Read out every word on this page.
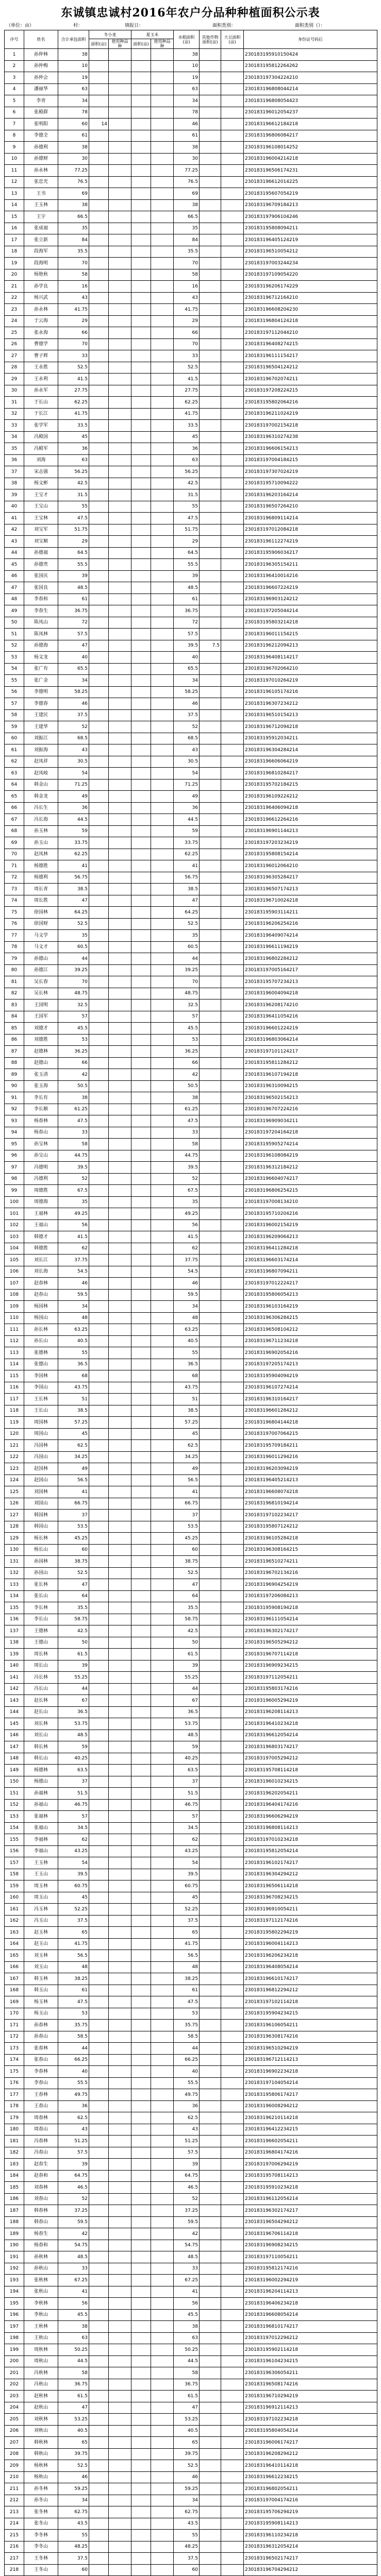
东诚镇忠诚村2016年农户分品种种植面积公示表
（单位：亩）	村：	填报日：	面积类别：	面积类别（）：
序号	姓名	合计承包面积	冬小麦		夏玉米		水稻面积(亩)	其他作物面积(亩)	大豆面积(亩)	身份证号码后
			面积(亩)	使用种品种	面积(亩)	使用种品种				
1	孙仲林	38					38			230183195910150424
2	孙仲梅	10					10			230183195812264262
3	孙仲会	19					19			230183197304224210
4	潘丽华	63					63			230183196808044214
5	李青	34					34			230183196808054423
6	张殿群	78					78			230183196012054237
7	张明阳	60	14				46			230183196612184218
8	李德全	61					61			230183196806084217
9	孙德利	38					38			230183196108014252
10	孙德财	30					30			230183196004214218
11	孙永林	77.25					77.25			230183196506174231
12	张忠光	76.5					76.5			230183196612014225
13	王书	69					69			230183195607054219
14	王玉林	38					38			230183196709184213
15	王宇	66.5					66.5			230183197906104246
16	张成福	35					35			230183195808094211
17	张立新	84					84			230183196405124219
18	段海军	35.5					35.5			230183196510054212
19	段海明	70					70			230183197003244234
20	杨艳秋	58					58			230183197109054220
21	孙学良	16					16			230183196206174229
22	杨兴武	43					43			230183196712164210
23	孙永林	41.75					41.75			230183196608204230
24	于云海	29					29			230183196804124218
25	张永海	66					66			230183197112044210
26	曹德学	70					70			230183196408274215
27	曹子辉	33					33			230183196111154217
28	王永胜	52.5					52.5			230183196504124212
29	王永利	41.5					41.5			230183196702074211
30	孙永军	27.75					27.75			230183197208224215
31	于长山	62.25					62.25			230183195802064216
32	于长江	41.75					41.75			230183196211024219
33	张学军	33.5					33.5			230183197002154218
34	冯殿国	45					45			230183196310274238
35	冯殿军	36					36			230183196606154213
36	刘海	63					63			230183197004184215
37	宋志强	56.25					56.25			230183197307024219
38	杨文彬	42.5					42.5			230183195710094222
39	王宝才	31.5					31.5			230183196203164214
40	王宝山	55					55			230183196507264210
41	王宝林	47.5					47.5			230183196809114214
42	刘宝军	51.75					51.75			230183197012084218
43	刘宝顺	29					29			230183196112274219
44	孙德福	64.5					64.5			230183195906034217
45	孙德贵	55.5					55.5			230183196305154211
46	张国庆	39					39			230183196410014216
47	张国良	48.5					48.5			230183196607224219
48	李春和	61					61			230183196903124212
49	李春生	36.75					36.75			230183197205044214
50	陈凤山	72					72			230183195803214218
51	陈凤林	57.5					57.5			230183196011154215
52	孙德海	47					39.5	7.5		230183196212094213
53	杨文龙	40					40			230183196408114217
54	张广有	65.5					65.5			230183196702064210
55	张广金	34					34			230183197010264219
56	李德明	58.25					58.25			230183196105174216
57	李德春	46					46			230183196307234212
58	王建民	37.5					37.5			230183196510154213
59	王建华	52					52			230183196712094218
60	刘振江	68.5					68.5			230183195912034211
61	刘振海	43					43			230183196304284214
62	赵凤祥	30.5					30.5			230183196606064219
63	赵凤岐	54					54			230183196810284217
64	韩金山	71.25					71.25			230183195702184215
65	韩金龙	49					49			230183196109224212
66	冯长生	36					36			230183196406094218
67	冯长海	44.5					44.5			230183196612264216
68	孙玉林	59					59			230183196901144213
69	孙玉山	33.75					33.75			230183197203234219
70	赵凤林	62.25					62.25			230183195808154214
71	杨德胜	41					41			230183196012064210
72	杨德利	56.75					56.75			230183196305284217
73	周长青	38.5					38.5			230183196507174213
74	周长胜	47					47			230183196710024218
75	徐国林	64.25					64.25			230183195903114211
76	徐国财	52.5					52.5			230183196206254216
77	马文学	35					35			230183196409074214
78	马文才	60.5					60.5			230183196611194219
79	孙德山	44					44			230183196802284212
80	孙德江	39.25					39.25			230183197005164217
81	吴长春	70					70			230183195707234213
82	吴长林	48.75					48.75			230183196004094218
83	王国明	32.5					32.5			230183196208174210
84	王国军	57					57			230183196411054216
85	刘德才	45.5					45.5			230183196601224219
86	刘德胜	53					53			230183196803064214
87	赵德林	36.25					36.25			230183197101124217
88	赵德山	66					66			230183195811284212
89	张玉清	42					42			230183196107194218
90	张玉海	50.5					50.5			230183196310094215
91	李长有	38					38			230183196502154213
92	李长顺	61.25					61.25			230183196707224216
93	杨春林	47.5					47.5			230183196909034211
94	杨春山	33					33			230183197204164218
95	孙宝林	58					58			230183195905274214
96	孙宝山	44.75					44.75			230183196108084219
97	冯德明	39.5					39.5			230183196312184212
98	冯德利	52					52			230183196604074217
99	周德胜	67.5					67.5			230183196806254215
100	周德海	35					35			230183197008134210
101	王福林	49.25					49.25			230183195710204216
102	王福山	56					56			230183196002154219
103	韩德才	41.5					41.5			230183196209064213
104	韩德胜	62					62			230183196411284218
105	刘长江	37.75					37.75			230183196603174214
106	刘长海	54.5					54.5			230183196807094211
107	赵春林	46					46			230183197012224217
108	赵春山	59.5					59.5			230183195806054213
109	杨国林	34					34			230183196103164219
110	杨国山	48					48			230183196306284215
111	孙长林	63.25					63.25			230183196508104212
112	孙长山	40.5					40.5			230183196711234218
113	张德林	55					55			230183196902054216
114	张德山	36.5					36.5			230183197205174213
115	李国林	68					68			230183195904094219
116	李国山	43.75					43.75			230183196107274214
117	王长林	51					51			230183196310164217
118	王长山	38.5					38.5			230183196601284212
119	周国林	57.25					57.25			230183196804144218
120	周国山	45					45			230183197007064215
121	冯国林	62.5					62.5			230183195709184211
122	冯国山	34.25					34.25			230183196011294216
123	赵国林	49					49			230183196203094219
124	赵国山	56.5					56.5			230183196405214213
125	刘国林	41					41			230183196608074218
126	刘国山	66.75					66.75			230183196810194214
127	韩国林	37					37			230183197102234217
128	韩国山	53.5					53.5			230183195807124212
129	杨长林	45.25					45.25			230183196105284218
130	杨长山	60					60			230183196308164215
131	孙国林	38.75					38.75			230183196510274211
132	孙国山	52.5					52.5			230183196702134216
133	张长林	47					47			230183196904254219
134	张长山	64					64			230183197206084213
135	李长林	35.5					35.5			230183195908194218
136	李长山	58.75					58.75			230183196111054214
137	王德林	42.5					42.5			230183196302174217
138	王德山	50					50			230183196505294212
139	周长林	61.5					61.5			230183196707114218
140	周长山	39					39			230183196909234215
141	冯长林	55.25					55.25			230183197112054211
142	冯长山	44					44			230183195803174216
143	赵长林	67					67			230183196005294219
144	赵长山	36.5					36.5			230183196208114213
145	刘长林	53.75					53.75			230183196410234218
146	刘长山	48.5					48.5			230183196612054214
147	韩长林	59					59			230183196803174217
148	韩长山	40.25					40.25			230183197005294212
149	杨德林	63.5					63.5			230183195708114218
150	杨德山	37					37			230183196010234215
151	孙福林	51.5					51.5			230183196202054211
152	孙福山	46.75					46.75			230183196404174216
153	张福林	57					57			230183196606294219
154	张福山	34.5					34.5			230183196808114213
155	李福林	62					62			230183197010234218
156	李福山	43.25					43.25			230183195812054214
157	王玉林	54					54			230183196102174217
158	王玉山	39.5					39.5			230183196304294212
159	周玉林	60.75					60.75			230183196506114218
160	周玉山	45					45			230183196708234215
161	冯玉林	52.25					52.25			230183196910054211
162	冯玉山	37.5					37.5			230183197112174216
163	赵玉林	65					65			230183195802294219
164	赵玉山	41.75					41.75			230183196004114213
165	刘玉林	56.5					56.5			230183196206234218
166	刘玉山	48					48			230183196408054214
167	韩玉林	38.25					38.25			230183196610174217
168	韩玉山	61					61			230183196812294212
169	杨玉林	47.5					47.5			230183197102114218
170	杨玉山	53					53			230183195904234215
171	孙春林	35.75					35.75			230183196106054211
172	孙春山	58.5					58.5			230183196308174216
173	张春林	44					44			230183196510294219
174	张春山	66.25					66.25			230183196712114213
175	李春林	40					40			230183196902234218
176	李春山	55.5					55.5			230183197104054214
177	王春林	49.75					49.75			230183195806174217
178	王春山	36					36			230183196008294212
179	周春林	62.5					62.5			230183196210114218
180	周春山	43					43			230183196412234215
181	冯春林	51.25					51.25			230183196602054211
182	冯春山	57.5					57.5			230183196804174216
183	赵春生	39					39			230183197006294219
184	赵春和	64.75					64.75			230183195708114213
185	刘春林	46.5					46.5			230183195910234218
186	刘春山	52					52			230183196112054214
187	韩春林	37.25					37.25			230183196302174217
188	韩春山	59.5					59.5			230183196504294212
189	杨春生	42					42			230183196706114218
190	杨春和	54.75					54.75			230183196908234215
191	孙秋林	48.5					48.5			230183197110054211
192	孙秋山	33					33			230183195812174216
193	张秋林	67.25					67.25			230183196002294219
194	张秋山	41					41			230183196204114213
195	李秋林	56					56			230183196406234218
196	李秋山	45.5					45.5			230183196608054214
197	王秋林	38					38			230183196810174217
198	王秋山	63					63			230183197012294212
199	周秋林	50.25					50.25			230183195902114218
200	周秋山	44.5					44.5			230183196104234215
201	冯秋林	58					58			230183196306054211
202	冯秋山	36.75					36.75			230183196508174216
203	赵秋林	61.5					61.5			230183196710294219
204	赵秋山	47					47			230183196912114213
205	刘秋林	53.25					53.25			230183197102234218
206	刘秋山	40.5					40.5			230183195804054214
207	韩秋林	65					65			230183196006174217
208	韩秋山	39.75					39.75			230183196208294212
209	杨秋林	52.5					52.5			230183196410114218
210	杨秋山	46					46			230183196612234215
211	孙冬林	59.25					59.25			230183196802054211
212	孙冬山	34					34			230183197004174216
213	张冬林	62.75					62.75			230183195706294219
214	张冬山	43.5					43.5			230183195908114213
215	李冬林	55					55			230183196110234218
216	李冬山	48.25					48.25			230183196312054214
217	王冬林	37.5					37.5			230183196502174217
218	王冬山	60					60			230183196704294212
